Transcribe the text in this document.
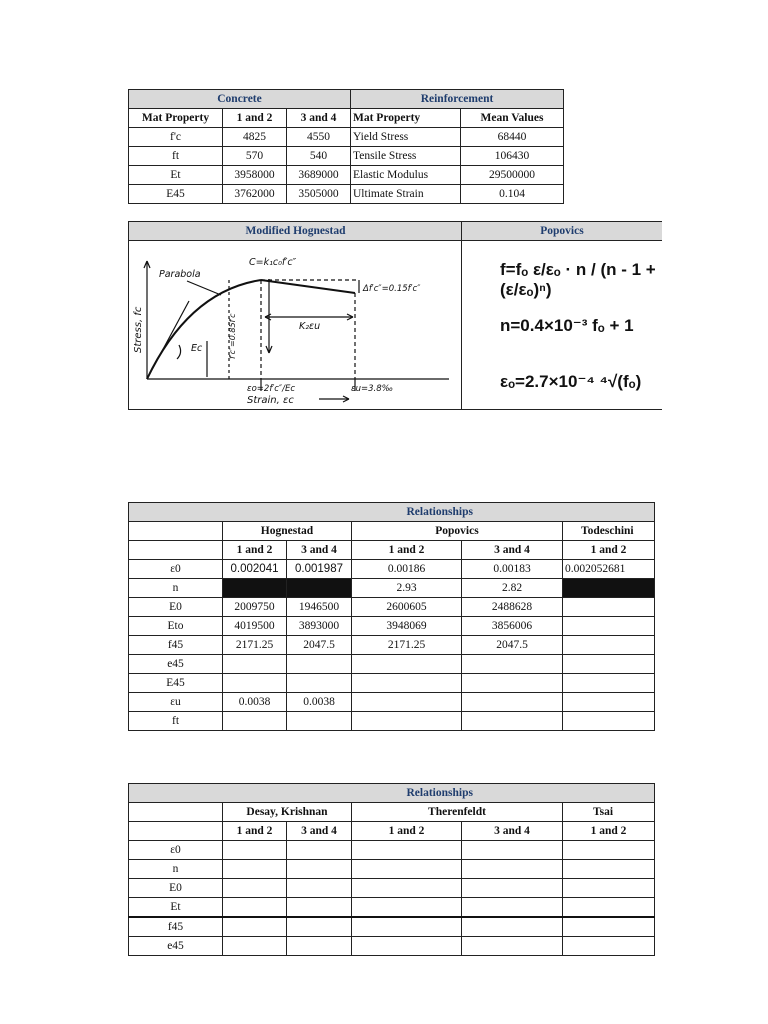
Concrete			Reinforcement	
Mat Property	1 and 2	3 and 4	Mat Property	Mean Values
f'c	4825	4550	Yield Stress	68440
ft	570	540	Tensile Stress	106430
Et	3958000	3689000	Elastic Modulus	29500000
E45	3762000	3505000	Ultimate Strain	0.104
Modified Hognestad
Parabola
C=k₁c₀f′c″
Δf′c″=0.15f′c″
Stress, fc	f′c″=0.85f′c
Ec
K₂εu
εo=2f′c″/Ec	εu=3.8‰
Strain, εc
Popovics
f=fₒ ε/εₒ · n / (n - 1 + (ε/εₒ)ⁿ)
n=0.4×10⁻³ fₒ + 1
εₒ=2.7×10⁻⁴ ⁴√(fₒ)
	Relationships				
	Hognestad		Popovics		Todeschini
	1 and 2	3 and 4	1 and 2	3 and 4	1 and 2
ε0	0.002041	0.001987	0.00186	0.00183	0.002052681
n			2.93	2.82	
E0	2009750	1946500	2600605	2488628	
Eto	4019500	3893000	3948069	3856006	
f45	2171.25	2047.5	2171.25	2047.5	
e45					
E45					
εu	0.0038	0.0038			
ft					
	Relationships				
	Desay, Krishnan		Therenfeldt		Tsai
	1 and 2	3 and 4	1 and 2	3 and 4	1 and 2
ε0					
n					
E0					
Et					
f45					
e45					
